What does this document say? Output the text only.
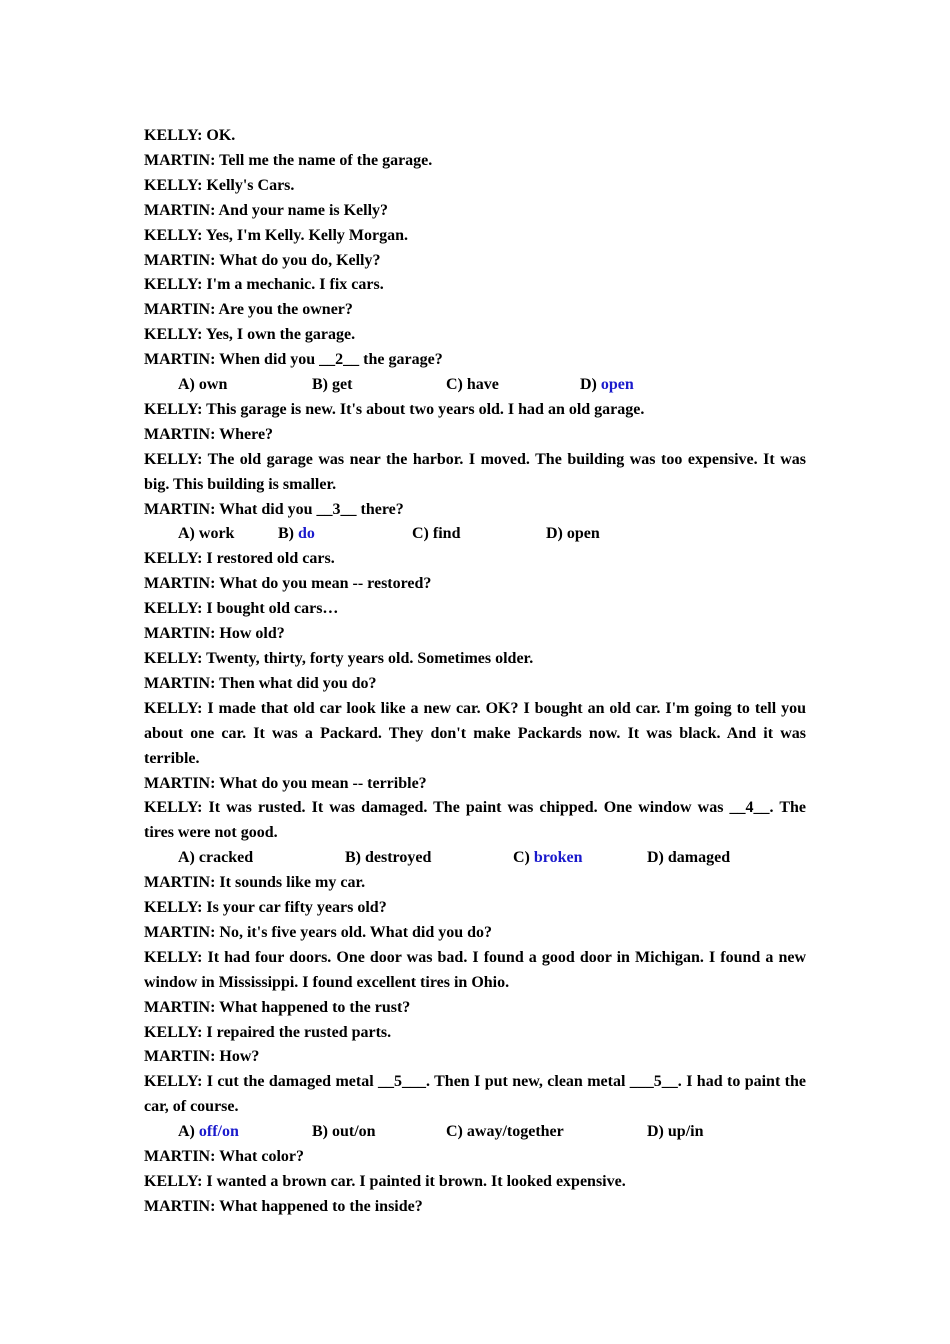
KELLY: OK.
MARTIN: Tell me the name of the garage.
KELLY: Kelly's Cars.
MARTIN: And your name is Kelly?
KELLY: Yes, I'm Kelly. Kelly Morgan.
MARTIN: What do you do, Kelly?
KELLY: I'm a mechanic. I fix cars.
MARTIN: Are you the owner?
KELLY: Yes, I own the garage.
MARTIN: When did you __2__ the garage?
A) own	B) get	C) have	D) open
KELLY: This garage is new. It's about two years old. I had an old garage.
MARTIN: Where?
KELLY: The old garage was near the harbor. I moved. The building was too expensive. It was big. This building is smaller.
MARTIN: What did you __3__ there?
A) work	B) do	C) find	D) open
KELLY: I restored old cars.
MARTIN: What do you mean -- restored?
KELLY: I bought old cars…
MARTIN: How old?
KELLY: Twenty, thirty, forty years old. Sometimes older.
MARTIN: Then what did you do?
KELLY: I made that old car look like a new car. OK? I bought an old car. I'm going to tell you about one car. It was a Packard. They don't make Packards now. It was black. And it was terrible.
MARTIN: What do you mean -- terrible?
KELLY: It was rusted. It was damaged. The paint was chipped. One window was __4__. The tires were not good.
A) cracked	B) destroyed	C) broken	D) damaged
MARTIN: It sounds like my car.
KELLY: Is your car fifty years old?
MARTIN: No, it's five years old. What did you do?
KELLY: It had four doors. One door was bad. I found a good door in Michigan. I found a new window in Mississippi. I found excellent tires in Ohio.
MARTIN: What happened to the rust?
KELLY: I repaired the rusted parts.
MARTIN: How?
KELLY: I cut the damaged metal __5___. Then I put new, clean metal ___5__. I had to paint the car, of course.
A) off/on	B) out/on	C) away/together	D) up/in
MARTIN: What color?
KELLY: I wanted a brown car. I painted it brown. It looked expensive.
MARTIN: What happened to the inside?
